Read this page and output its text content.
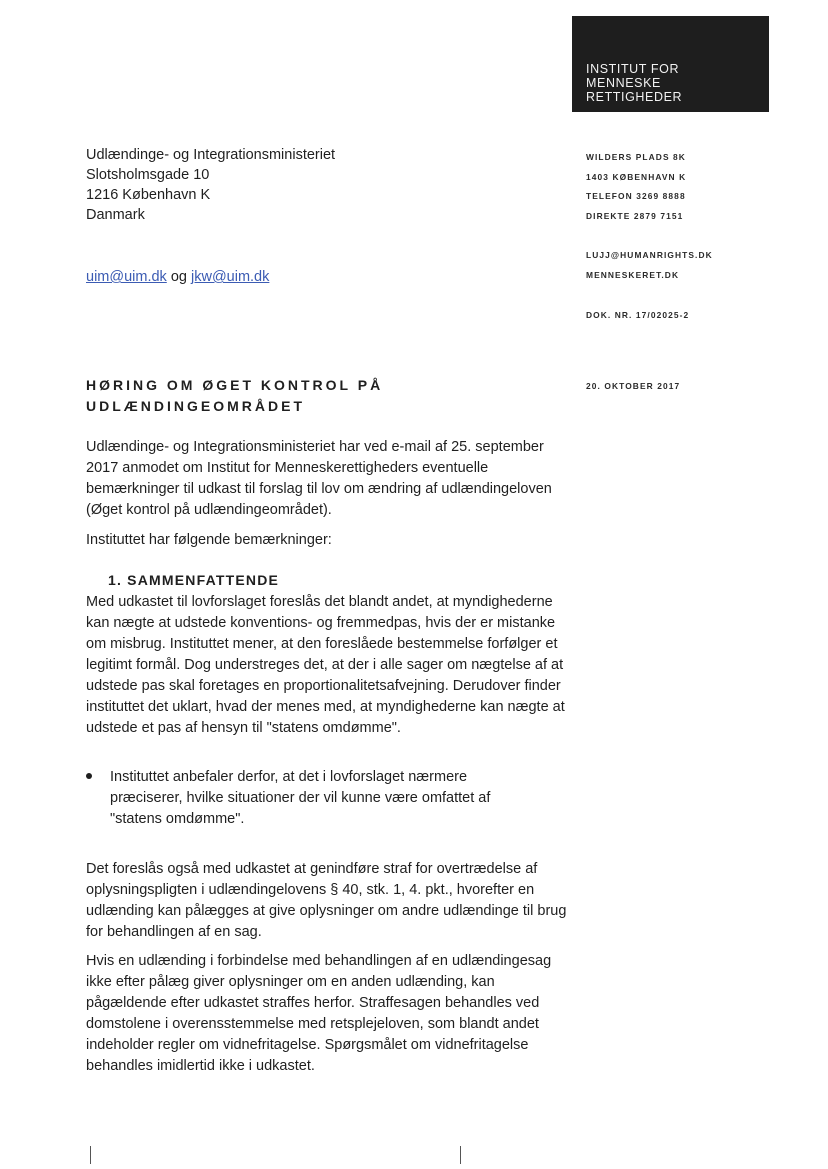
INSTITUT FOR
MENNESKE
RETTIGHEDER
Udlændinge- og Integrationsministeriet
Slotsholmsgade 10
1216 København K
Danmark
uim@uim.dk og jkw@uim.dk
WILDERS PLADS 8K
1403 KØBENHAVN K
TELEFON 3269 8888
DIREKTE 2879 7151
LUJJ@HUMANRIGHTS.DK
MENNESKERET.DK
DOK. NR. 17/02025-2
20. OKTOBER 2017
HØRING OM ØGET KONTROL PÅ
UDLÆNDINGEOMRÅDET

Udlændinge- og Integrationsministeriet har ved e-mail af 25. september 2017 anmodet om Institut for Menneskerettigheders eventuelle bemærkninger til udkast til forslag til lov om ændring af udlændingeloven (Øget kontrol på udlændingeområdet).

Instituttet har følgende bemærkninger:

1. SAMMENFATTENDE

Med udkastet til lovforslaget foreslås det blandt andet, at myndighederne kan nægte at udstede konventions- og fremmedpas, hvis der er mistanke om misbrug. Instituttet mener, at den foreslåede bestemmelse forfølger et legitimt formål. Dog understreges det, at der i alle sager om nægtelse af at udstede pas skal foretages en proportionalitetsafvejning. Derudover finder instituttet det uklart, hvad der menes med, at myndighederne kan nægte at udstede et pas af hensyn til "statens omdømme".

Instituttet anbefaler derfor, at det i lovforslaget nærmere præciserer, hvilke situationer der vil kunne være omfattet af "statens omdømme".

Det foreslås også med udkastet at genindføre straf for overtrædelse af oplysningspligten i udlændingelovens § 40, stk. 1, 4. pkt., hvorefter en udlænding kan pålægges at give oplysninger om andre udlændinge til brug for behandlingen af en sag.

Hvis en udlænding i forbindelse med behandlingen af en udlændingesag ikke efter pålæg giver oplysninger om en anden udlænding, kan pågældende efter udkastet straffes herfor. Straffesagen behandles ved domstolene i overensstemmelse med retsplejeloven, som blandt andet indeholder regler om vidnefritagelse. Spørgsmålet om vidnefritagelse behandles imidlertid ikke i udkastet.
